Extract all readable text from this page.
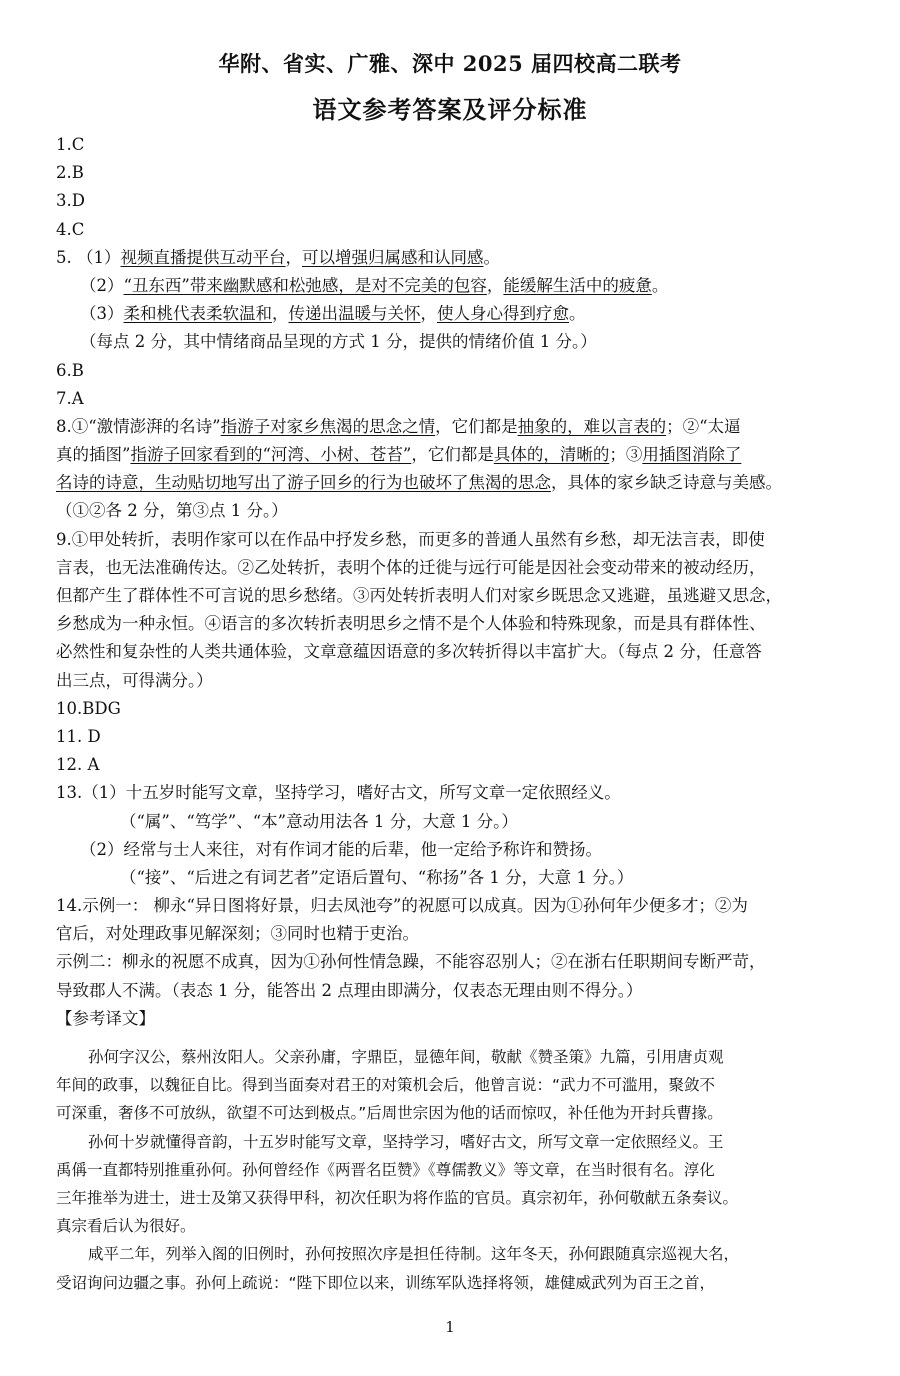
华附、省实、广雅、深中 2025 届四校高二联考
语文参考答案及评分标准
1.C
2.B
3.D
4.C
5. （1）视频直播提供互动平台，可以增强归属感和认同感。
（2）“丑东西”带来幽默感和松弛感，是对不完美的包容，能缓解生活中的疲惫。
（3）柔和桃代表柔软温和，传递出温暖与关怀，使人身心得到疗愈。
（每点 2 分，其中情绪商品呈现的方式 1 分，提供的情绪价值 1 分。）
6.B
7.A
8.①“激情澎湃的名诗”指游子对家乡焦渴的思念之情，它们都是抽象的，难以言表的；②“太逼
真的插图”指游子回家看到的“河湾、小树、苍苔”，它们都是具体的，清晰的；③用插图消除了
名诗的诗意，生动贴切地写出了游子回乡的行为也破坏了焦渴的思念，具体的家乡缺乏诗意与美感。
（①②各 2 分，第③点 1 分。）
9.①甲处转折，表明作家可以在作品中抒发乡愁，而更多的普通人虽然有乡愁，却无法言表，即使
言表，也无法准确传达。②乙处转折，表明个体的迁徙与远行可能是因社会变动带来的被动经历，
但都产生了群体性不可言说的思乡愁绪。③丙处转折表明人们对家乡既思念又逃避，虽逃避又思念，
乡愁成为一种永恒。④语言的多次转折表明思乡之情不是个人体验和特殊现象，而是具有群体性、
必然性和复杂性的人类共通体验，文章意蕴因语意的多次转折得以丰富扩大。（每点 2 分，任意答
出三点，可得满分。）
10.BDG
11. D
12. A
13.（1）十五岁时能写文章，坚持学习，嗜好古文，所写文章一定依照经义。
（“属”、“笃学”、“本”意动用法各 1 分，大意 1 分。）
（2）经常与士人来往，对有作词才能的后辈，他一定给予称许和赞扬。
（“接”、“后进之有词艺者”定语后置句、“称扬”各 1 分，大意 1 分。）
14.示例一： 柳永“异日图将好景，归去凤池夸”的祝愿可以成真。因为①孙何年少便多才；②为
官后，对处理政事见解深刻；③同时也精于吏治。
示例二：柳永的祝愿不成真，因为①孙何性情急躁，不能容忍别人；②在浙右任职期间专断严苛，
导致郡人不满。（表态 1 分，能答出 2 点理由即满分，仅表态无理由则不得分。）
【参考译文】
孙何字汉公，蔡州汝阳人。父亲孙庸，字鼎臣，显德年间，敬献《赞圣策》九篇，引用唐贞观
年间的政事，以魏征自比。得到当面奏对君王的对策机会后，他曾言说：“武力不可滥用，聚敛不
可深重，奢侈不可放纵，欲望不可达到极点。”后周世宗因为他的话而惊叹，补任他为开封兵曹掾。
孙何十岁就懂得音韵，十五岁时能写文章，坚持学习，嗜好古文，所写文章一定依照经义。王
禹偁一直都特别推重孙何。孙何曾经作《两晋名臣赞》《尊儒教义》等文章，在当时很有名。淳化
三年推举为进士，进士及第又获得甲科，初次任职为将作监的官员。真宗初年，孙何敬献五条奏议。
真宗看后认为很好。
咸平二年，列举入阁的旧例时，孙何按照次序是担任待制。这年冬天，孙何跟随真宗巡视大名，
受诏询问边疆之事。孙何上疏说：“陛下即位以来，训练军队选择将领，雄健威武列为百王之首，
1
